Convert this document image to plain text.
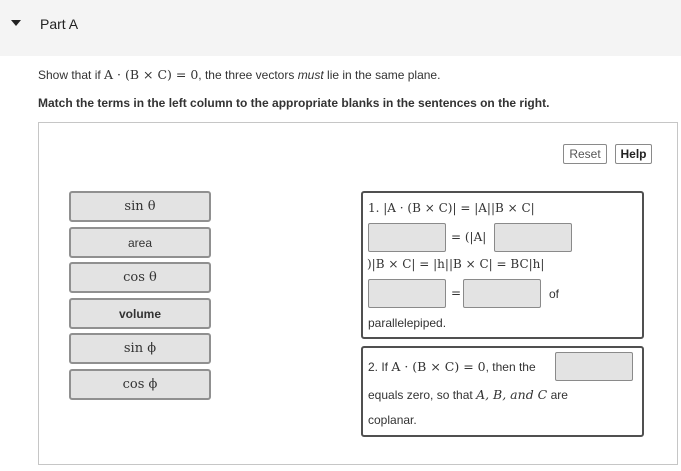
Part A
Show that if A · (B × C) = 0, the three vectors must lie in the same plane.
Match the terms in the left column to the appropriate blanks in the sentences on the right.
Reset	Help
sin θ
area
cos θ
volume
sin ϕ
cos ϕ
1. |A · (B × C)| = |A||B × C|
= (|A|
)|B × C| = |h||B × C| = BC|h|
=	of
parallelepiped.
2. If A · (B × C) = 0, then the
equals zero, so that A, B, and C are
coplanar.
